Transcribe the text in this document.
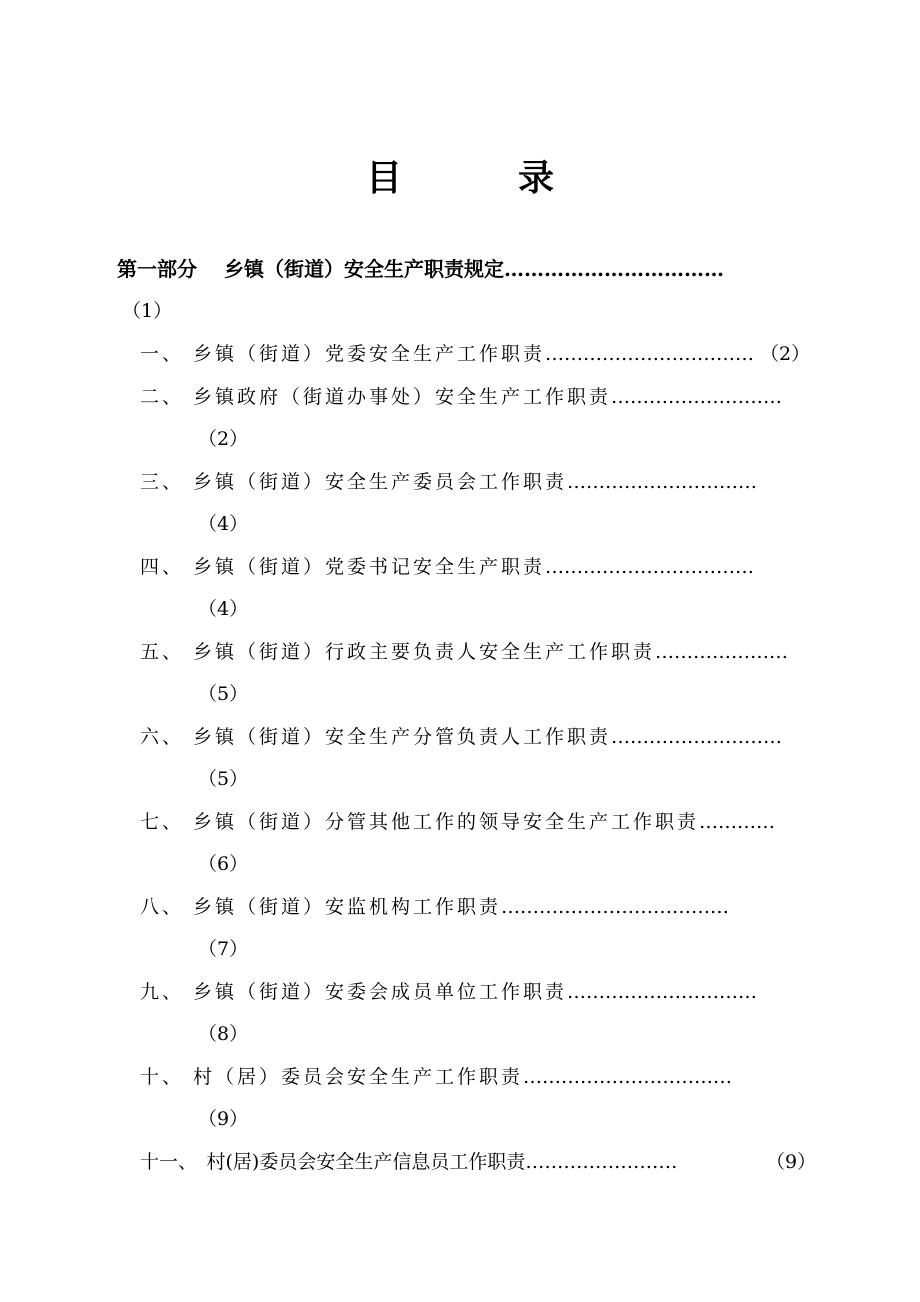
目　录
第一部分　 乡镇（街道）安全生产职责规定……………………………
（1）
一、 乡镇（街道）党委安全生产工作职责…………………………… （2）
二、 乡镇政府（街道办事处）安全生产工作职责………………………
（2）
三、 乡镇（街道）安全生产委员会工作职责…………………………
（4）
四、 乡镇（街道）党委书记安全生产职责……………………………
（4）
五、 乡镇（街道）行政主要负责人安全生产工作职责…………………
（5）
六、 乡镇（街道）安全生产分管负责人工作职责………………………
（5）
七、 乡镇（街道）分管其他工作的领导安全生产工作职责…………
（6）
八、 乡镇（街道）安监机构工作职责………………………………
（7）
九、 乡镇（街道）安委会成员单位工作职责…………………………
（8）
十、 村（居）委员会安全生产工作职责……………………………
（9）
十一、　村(居)委员会安全生产信息员工作职责……………………	（9）
